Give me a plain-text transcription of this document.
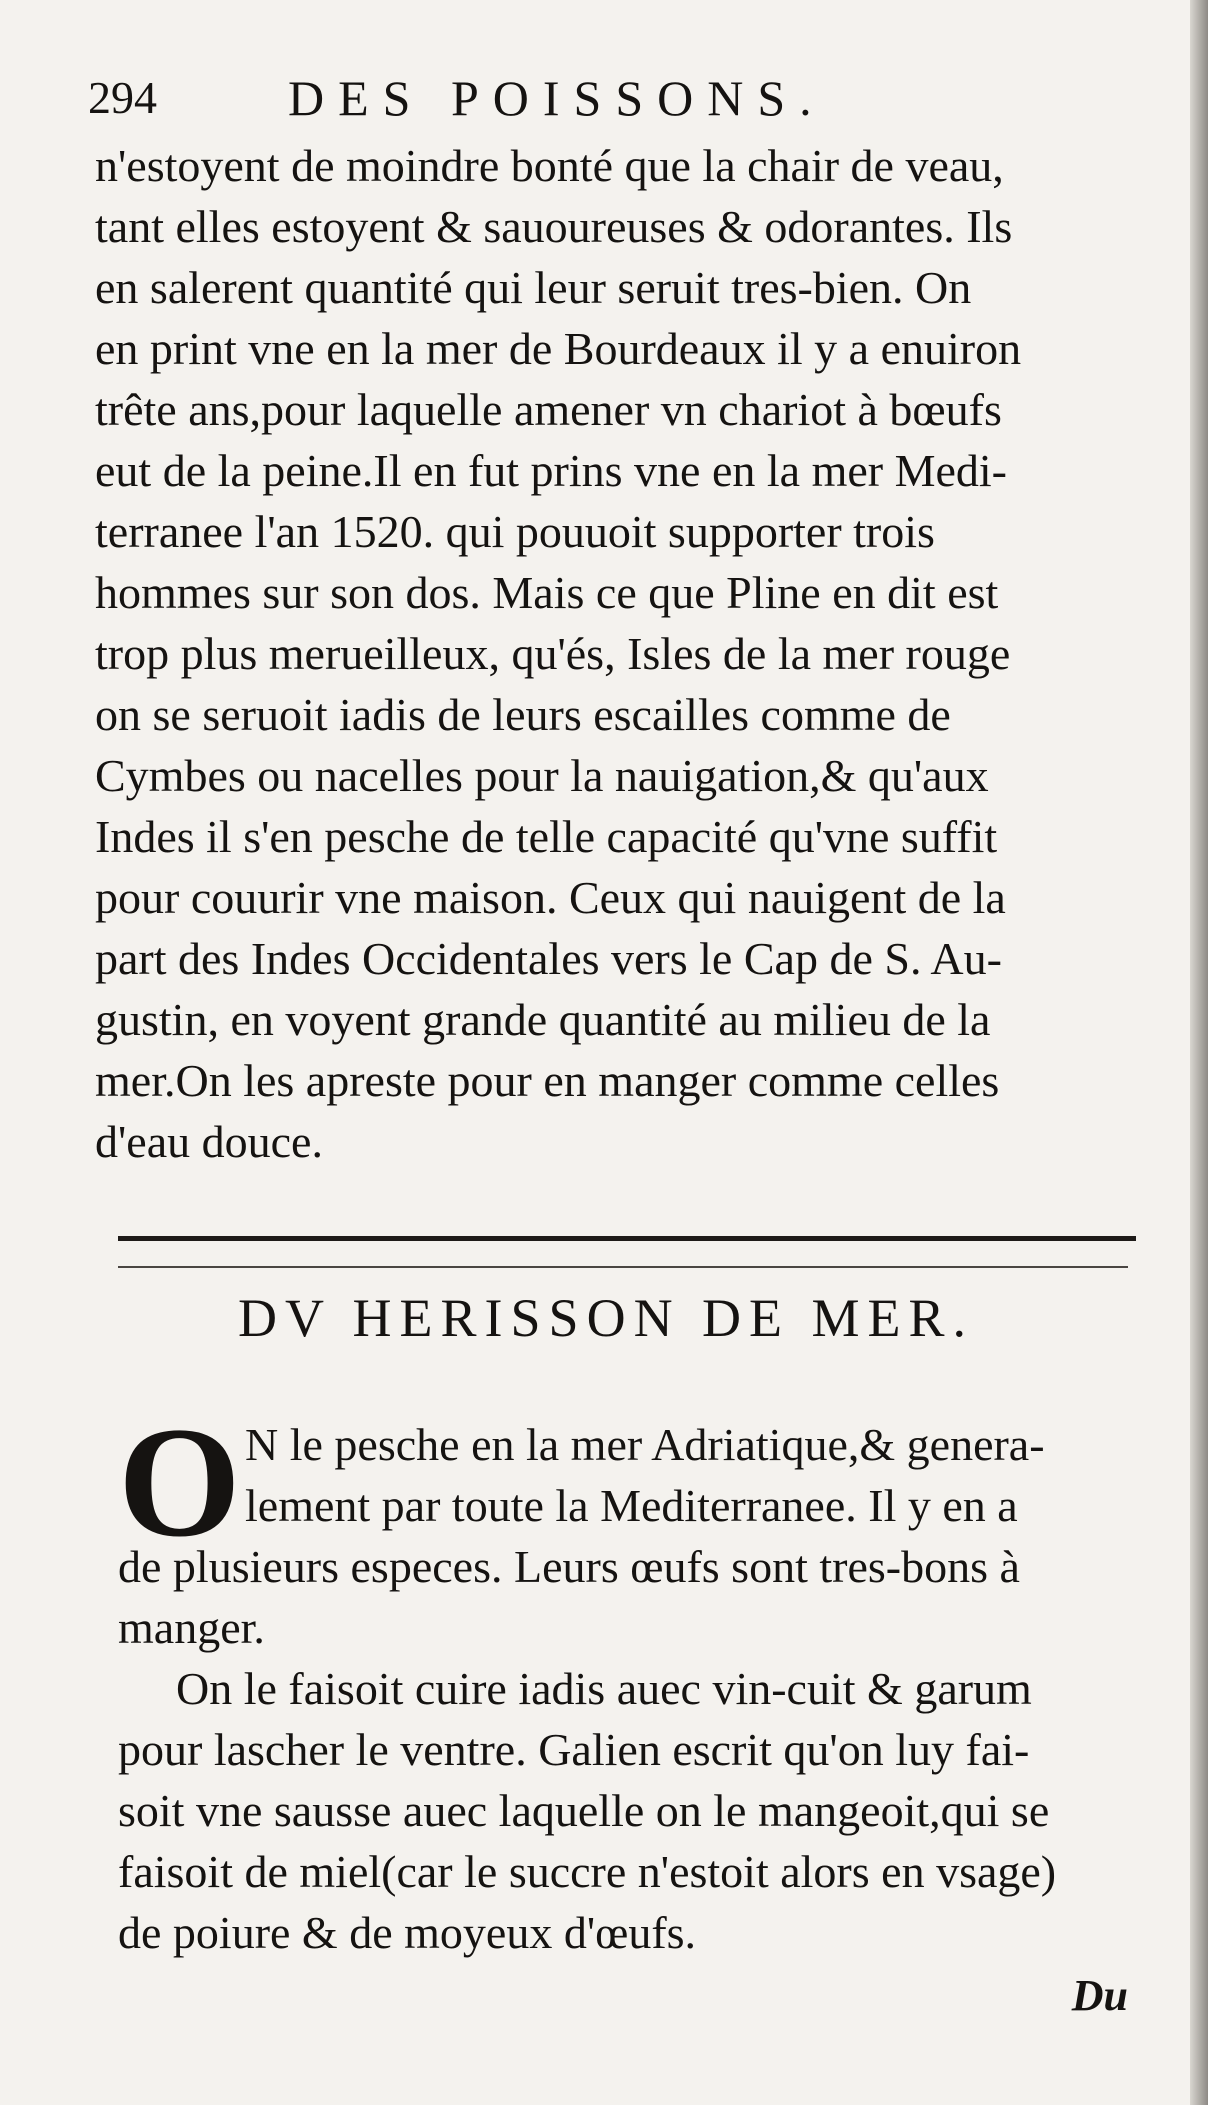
294	DES POISSONS.
n'estoyent de moindre bonté que la chair de veau,
tant elles estoyent & sauoureuses & odorantes. Ils
en salerent quantité qui leur seruit tres-bien. On
en print vne en la mer de Bourdeaux il y a enuiron
trête ans,pour laquelle amener vn chariot à bœufs
eut de la peine.Il en fut prins vne en la mer Medi-
terranee l'an 1520. qui pouuoit supporter trois
hommes sur son dos. Mais ce que Pline en dit est
trop plus merueilleux, qu'és, Isles de la mer rouge
on se seruoit iadis de leurs escailles comme de
Cymbes ou nacelles pour la nauigation,& qu'aux
Indes il s'en pesche de telle capacité qu'vne suffit
pour couurir vne maison. Ceux qui nauigent de la
part des Indes Occidentales vers le Cap de S. Au-
gustin, en voyent grande quantité au milieu de la
mer.On les apreste pour en manger comme celles
d'eau douce.
DV HERISSON DE MER.
O N le pesche en la mer Adriatique,& genera-
lement par toute la Mediterranee. Il y en a
de plusieurs especes. Leurs œufs sont tres-bons à
manger.
On le faisoit cuire iadis auec vin-cuit & garum
pour lascher le ventre. Galien escrit qu'on luy fai-
soit vne sausse auec laquelle on le mangeoit,qui se
faisoit de miel(car le succre n'estoit alors en vsage)
de poiure & de moyeux d'œufs.
Du
